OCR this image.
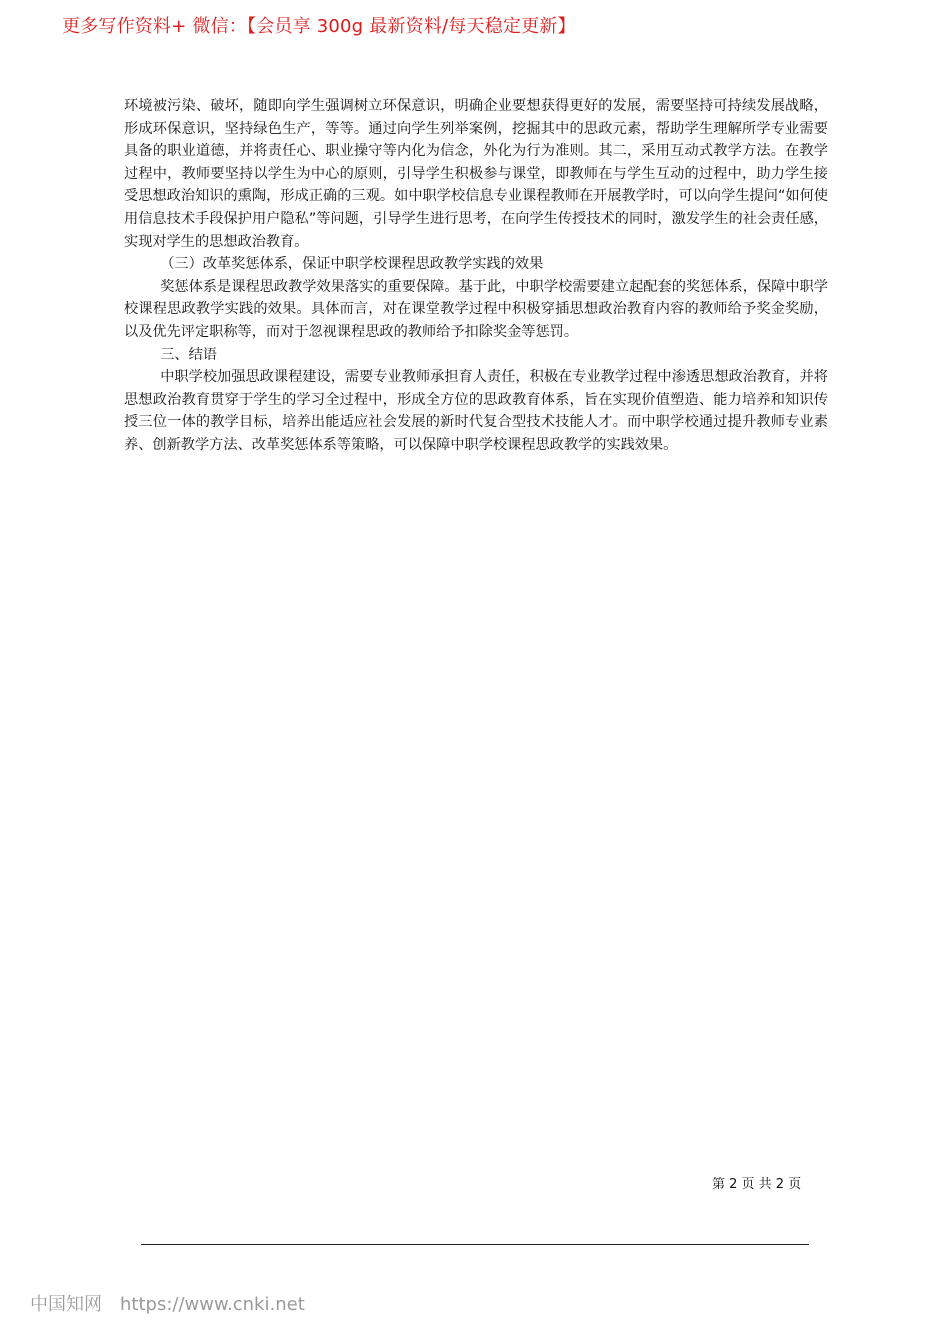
更多写作资料+ 微信：【会员享 300g 最新资料/每天稳定更新】

环境被污染、破坏，随即向学生强调树立环保意识，明确企业要想获得更好的发展，需要坚持可持续发展战略，形成环保意识，坚持绿色生产，等等。通过向学生列举案例，挖掘其中的思政元素，帮助学生理解所学专业需要具备的职业道德，并将责任心、职业操守等内化为信念，外化为行为准则。其二，采用互动式教学方法。在教学过程中，教师要坚持以学生为中心的原则，引导学生积极参与课堂，即教师在与学生互动的过程中，助力学生接受思想政治知识的熏陶，形成正确的三观。如中职学校信息专业课程教师在开展教学时，可以向学生提问“如何使用信息技术手段保护用户隐私”等问题，引导学生进行思考，在向学生传授技术的同时，激发学生的社会责任感，实现对学生的思想政治教育。

（三）改革奖惩体系，保证中职学校课程思政教学实践的效果

奖惩体系是课程思政教学效果落实的重要保障。基于此，中职学校需要建立起配套的奖惩体系，保障中职学校课程思政教学实践的效果。具体而言，对在课堂教学过程中积极穿插思想政治教育内容的教师给予奖金奖励，以及优先评定职称等，而对于忽视课程思政的教师给予扣除奖金等惩罚。

三、结语

中职学校加强思政课程建设，需要专业教师承担育人责任，积极在专业教学过程中渗透思想政治教育，并将思想政治教育贯穿于学生的学习全过程中，形成全方位的思政教育体系，旨在实现价值塑造、能力培养和知识传授三位一体的教学目标，培养出能适应社会发展的新时代复合型技术技能人才。而中职学校通过提升教师专业素养、创新教学方法、改革奖惩体系等策略，可以保障中职学校课程思政教学的实践效果。

第 2 页 共 2 页
中国知网 https://www.cnki.net
